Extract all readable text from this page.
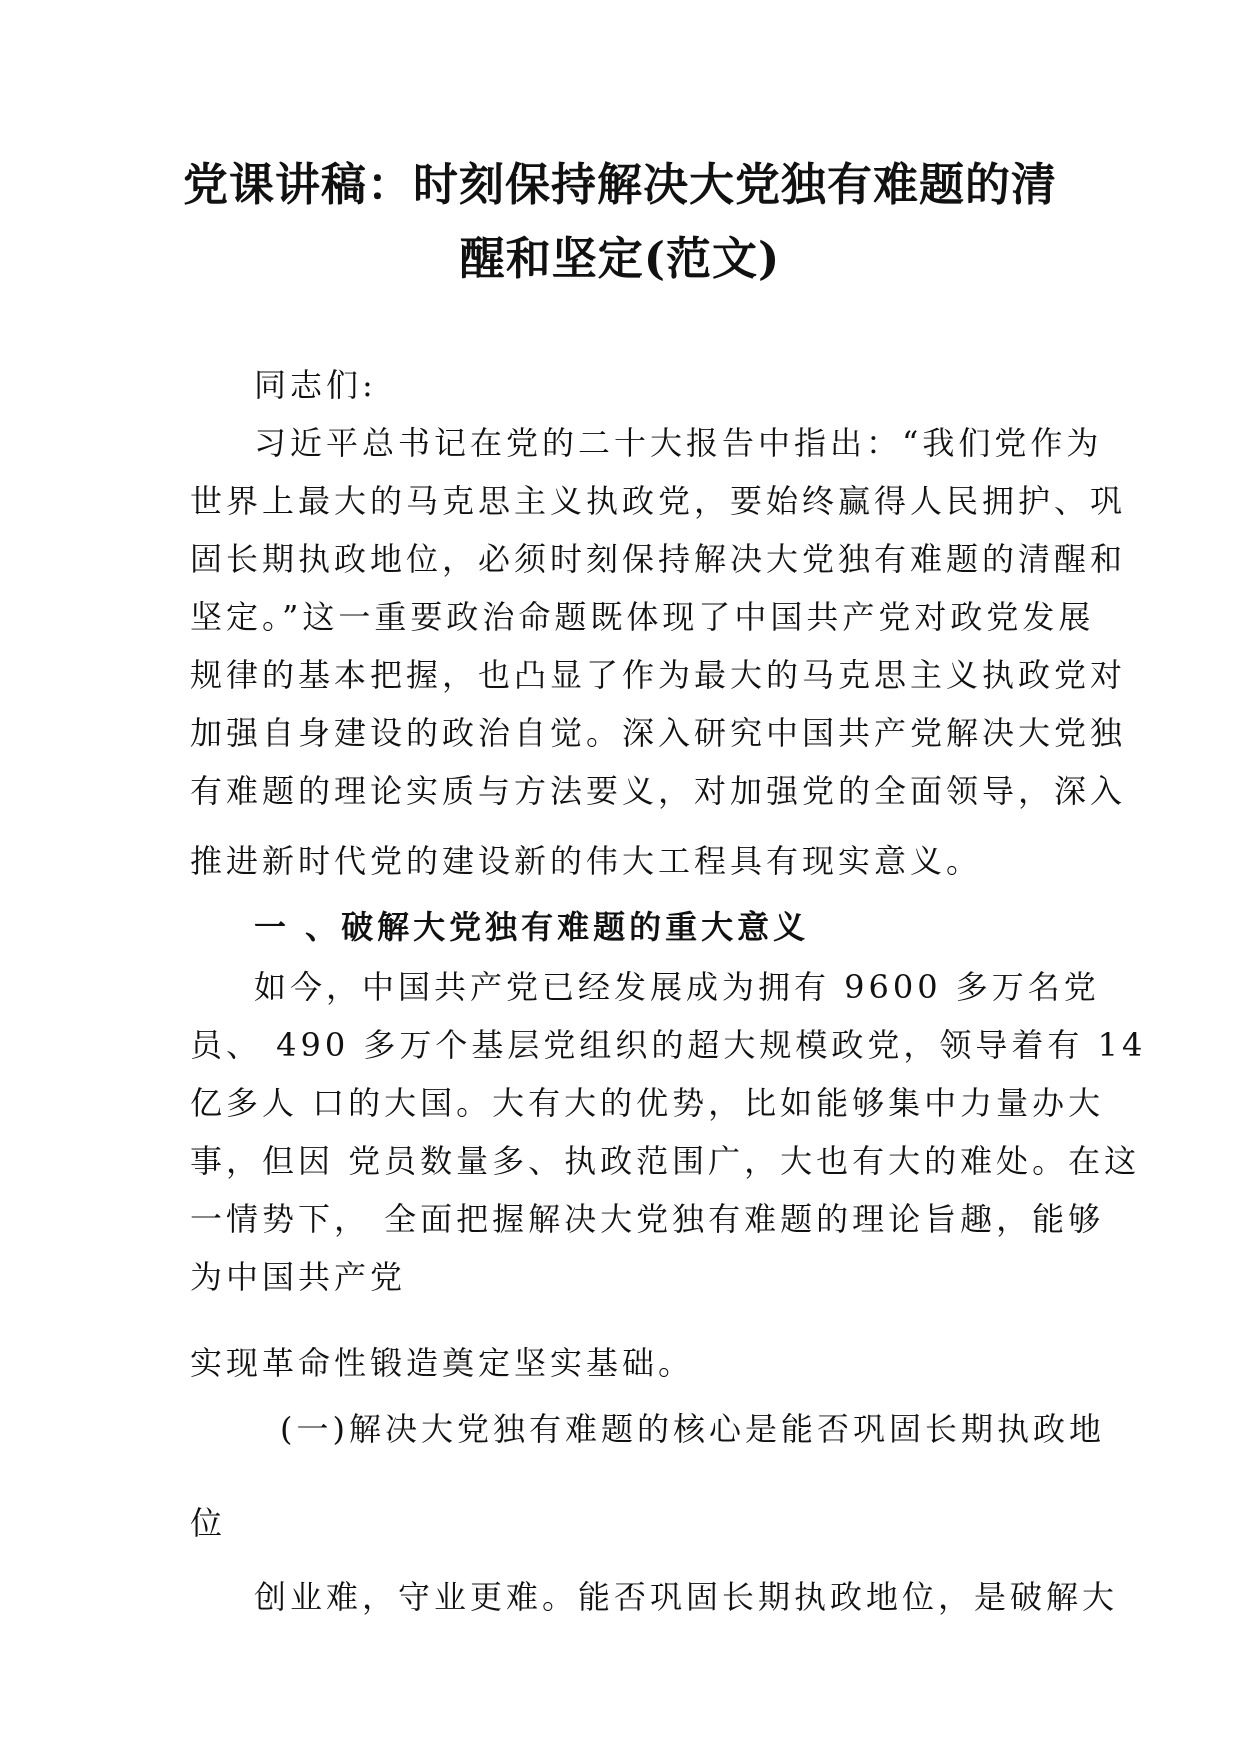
党课讲稿：时刻保持解决大党独有难题的清
醒和坚定(范文)

同志们:

习近平总书记在党的二十大报告中指出：“我们党作为
世界上最大的马克思主义执政党，要始终赢得人民拥护、巩
固长期执政地位，必须时刻保持解决大党独有难题的清醒和
坚定。”这一重要政治命题既体现了中国共产党对政党发展
规律的基本把握，也凸显了作为最大的马克思主义执政党对
加强自身建设的政治自觉。深入研究中国共产党解决大党独
有难题的理论实质与方法要义，对加强党的全面领导，深入

推进新时代党的建设新的伟大工程具有现实意义。

一 、破解大党独有难题的重大意义

如今，中国共产党已经发展成为拥有 9600 多万名党
员、 490 多万个基层党组织的超大规模政党，领导着有 14
亿多人 口的大国。大有大的优势，比如能够集中力量办大
事，但因 党员数量多、执政范围广，大也有大的难处。在这
一情势下， 全面把握解决大党独有难题的理论旨趣，能够
为中国共产党

实现革命性锻造奠定坚实基础。

(一)解决大党独有难题的核心是能否巩固长期执政地

位

创业难，守业更难。能否巩固长期执政地位，是破解大
